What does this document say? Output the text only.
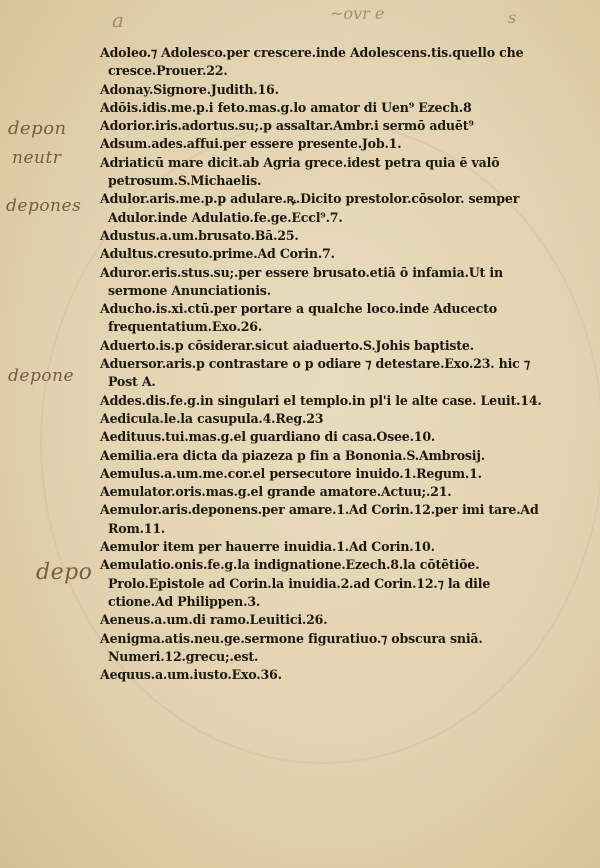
a	~ovr e	s
depon
neutr
depones
depone
depo

Adoleo.⁊ Adolesco.per crescere.inde Adolescens.tis.quello che cresce.Prouer.22.

Adonay.Signore.Judith.16.

Adōis.idis.me.p.i feto.mas.g.lo amator di Uen⁹ Ezech.8

Adorior.iris.adortus.su;.p assaltar.Ambr.i sermō aduēt⁹

Adsum.ades.affui.per essere presente.Job.1.

Adriaticū mare dicit.ab Agria grece.idest petra quia ē valō petrosum.S.Michaelis.

Adulor.aris.me.p.p adulare.ꝶ.Dicito prestolor.cōsolor. semper Adulor.inde Adulatio.fe.ge.Eccl⁹.7.

Adustus.a.um.brusato.Bā.25.

Adultus.cresuto.prime.Ad Corin.7.

Aduror.eris.stus.su;.per essere brusato.etiā ō infamia.Ut in sermone Anunciationis.

Aducho.is.xi.ctū.per portare a qualche loco.inde Aducecto frequentatium.Exo.26.

Aduerto.is.p cōsiderar.sicut aiaduerto.S.Johis baptiste.

Aduersor.aris.p contrastare o p odiare ⁊ detestare.Exo.23. hic ⁊ Post A.

Addes.dis.fe.g.in singulari el templo.in pl'i le alte case. Leuit.14.

Aedicula.le.la casupula.4.Reg.23

Aedituus.tui.mas.g.el guardiano di casa.Osee.10.

Aemilia.era dicta da piazeza p fin a Bononia.S.Ambrosij.

Aemulus.a.um.me.cor.el persecutore inuido.1.Regum.1.

Aemulator.oris.mas.g.el grande amatore.Actuu;.21.

Aemulor.aris.deponens.per amare.1.Ad Corin.12.per imi tare.Ad Rom.11.

Aemulor item per hauerre inuidia.1.Ad Corin.10.

Aemulatio.onis.fe.g.la indignatione.Ezech.8.la cōtētiōe. Prolo.Epistole ad Corin.la inuidia.2.ad Corin.12.⁊ la dile ctione.Ad Philippen.3.

Aeneus.a.um.di ramo.Leuitici.26.

Aenigma.atis.neu.ge.sermone figuratiuo.⁊ obscura sniā. Numeri.12.grecu;.est.

Aequus.a.um.iusto.Exo.36.
